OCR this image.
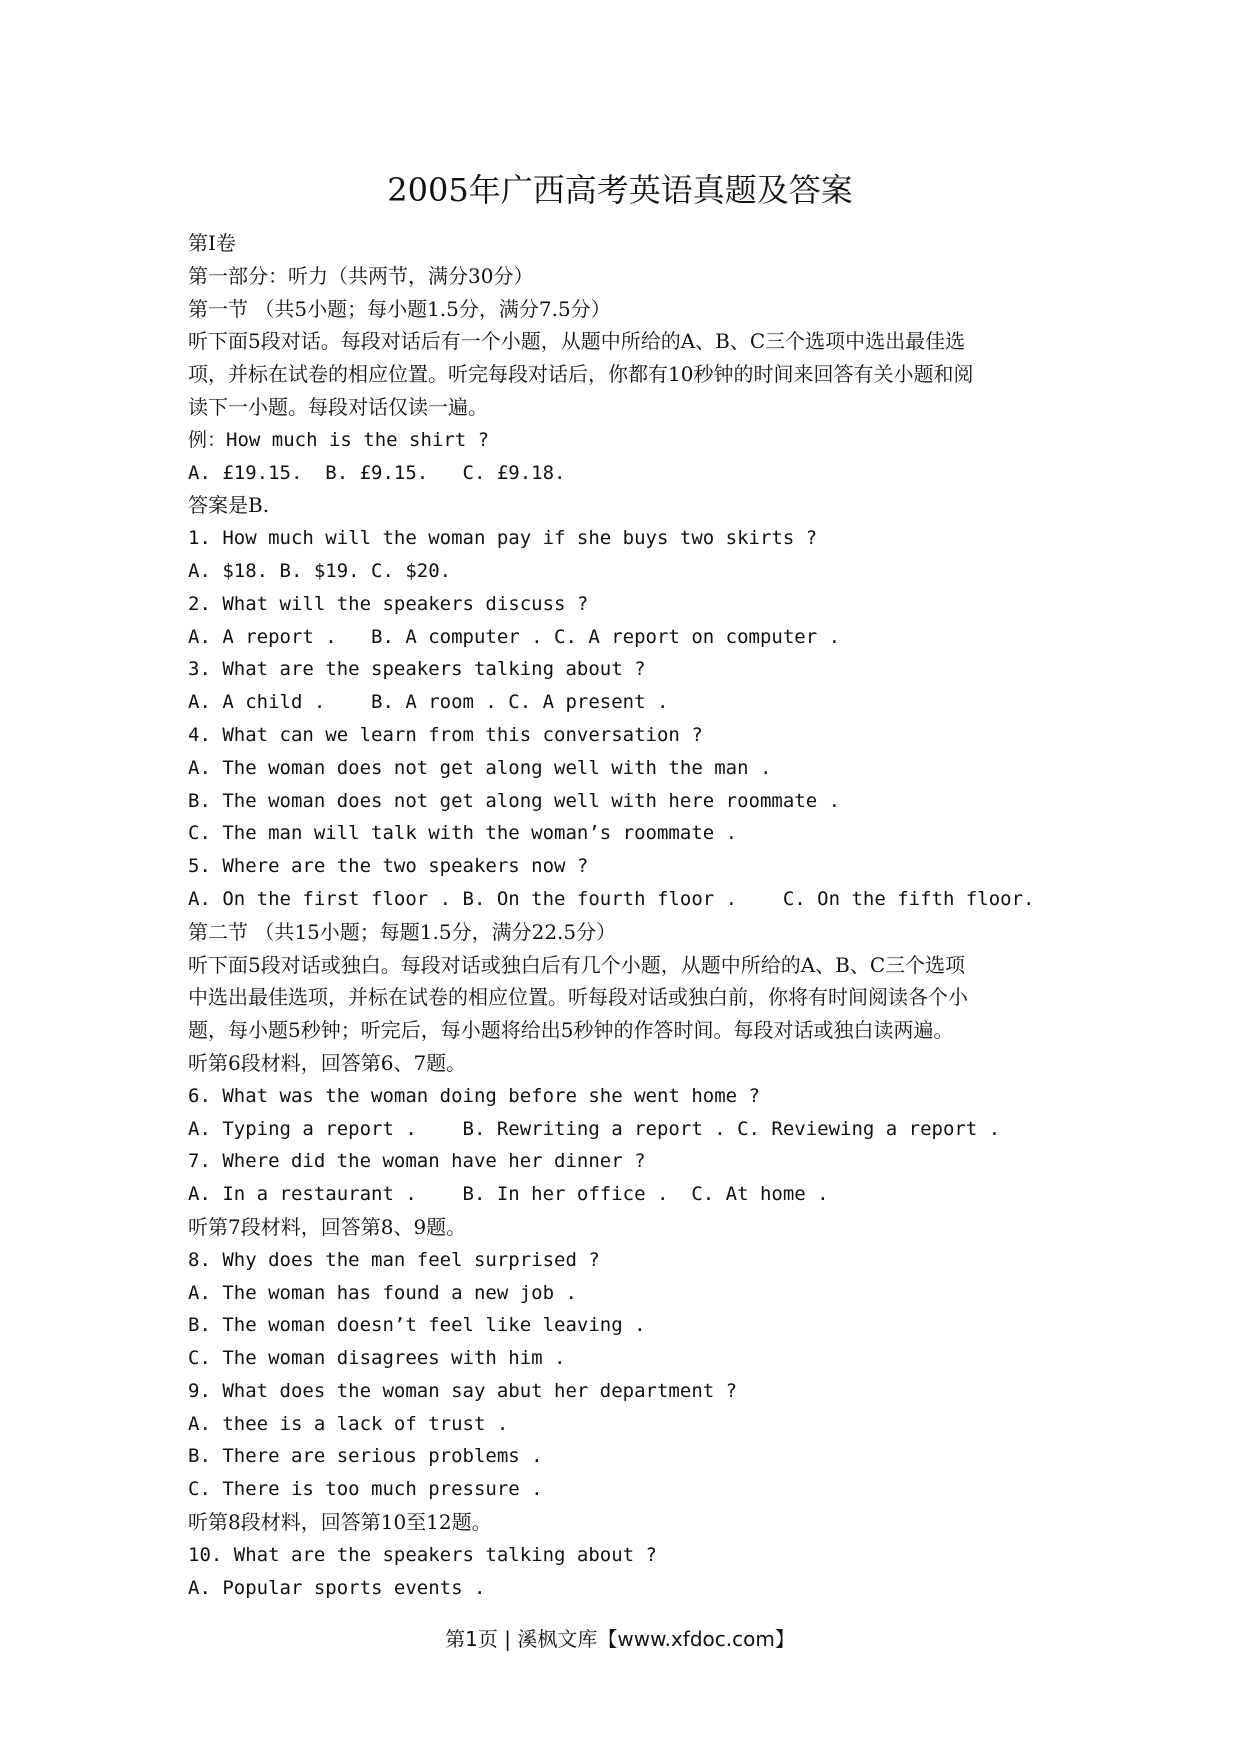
2005年广西高考英语真题及答案

第Ⅰ卷

第一部分：听力（共两节，满分30分）

第一节 （共5小题；每小题1.5分，满分7.5分）

听下面5段对话。每段对话后有一个小题，从题中所给的A、B、C三个选项中选出最佳选

项，并标在试卷的相应位置。听完每段对话后，你都有10秒钟的时间来回答有关小题和阅

读下一小题。每段对话仅读一遍。

例：How much is the shirt ?

A. £19.15.  B. £9.15.   C. £9.18.

答案是B.

1. How much will the woman pay if she buys two skirts ?

A. $18. B. $19. C. $20.

2. What will the speakers discuss ?

A. A report .   B. A computer . C. A report on computer .

3. What are the speakers talking about ?

A. A child .    B. A room . C. A present .

4. What can we learn from this conversation ?

A. The woman does not get along well with the man .

B. The woman does not get along well with here roommate .

C. The man will talk with the woman’s roommate .

5. Where are the two speakers now ?

A. On the first floor . B. On the fourth floor .    C. On the fifth floor.

第二节 （共15小题；每题1.5分，满分22.5分）

听下面5段对话或独白。每段对话或独白后有几个小题，从题中所给的A、B、C三个选项

中选出最佳选项，并标在试卷的相应位置。听每段对话或独白前，你将有时间阅读各个小

题，每小题5秒钟；听完后，每小题将给出5秒钟的作答时间。每段对话或独白读两遍。

听第6段材料，回答第6、7题。

6. What was the woman doing before she went home ?

A. Typing a report .    B. Rewriting a report . C. Reviewing a report .

7. Where did the woman have her dinner ?

A. In a restaurant .    B. In her office .  C. At home .

听第7段材料，回答第8、9题。

8. Why does the man feel surprised ?

A. The woman has found a new job .

B. The woman doesn’t feel like leaving .

C. The woman disagrees with him .

9. What does the woman say abut her department ?

A. thee is a lack of trust .

B. There are serious problems .

C. There is too much pressure .

听第8段材料，回答第10至12题。

10. What are the speakers talking about ?

A. Popular sports events .

第1页 | 溪枫文库【www.xfdoc.com】
